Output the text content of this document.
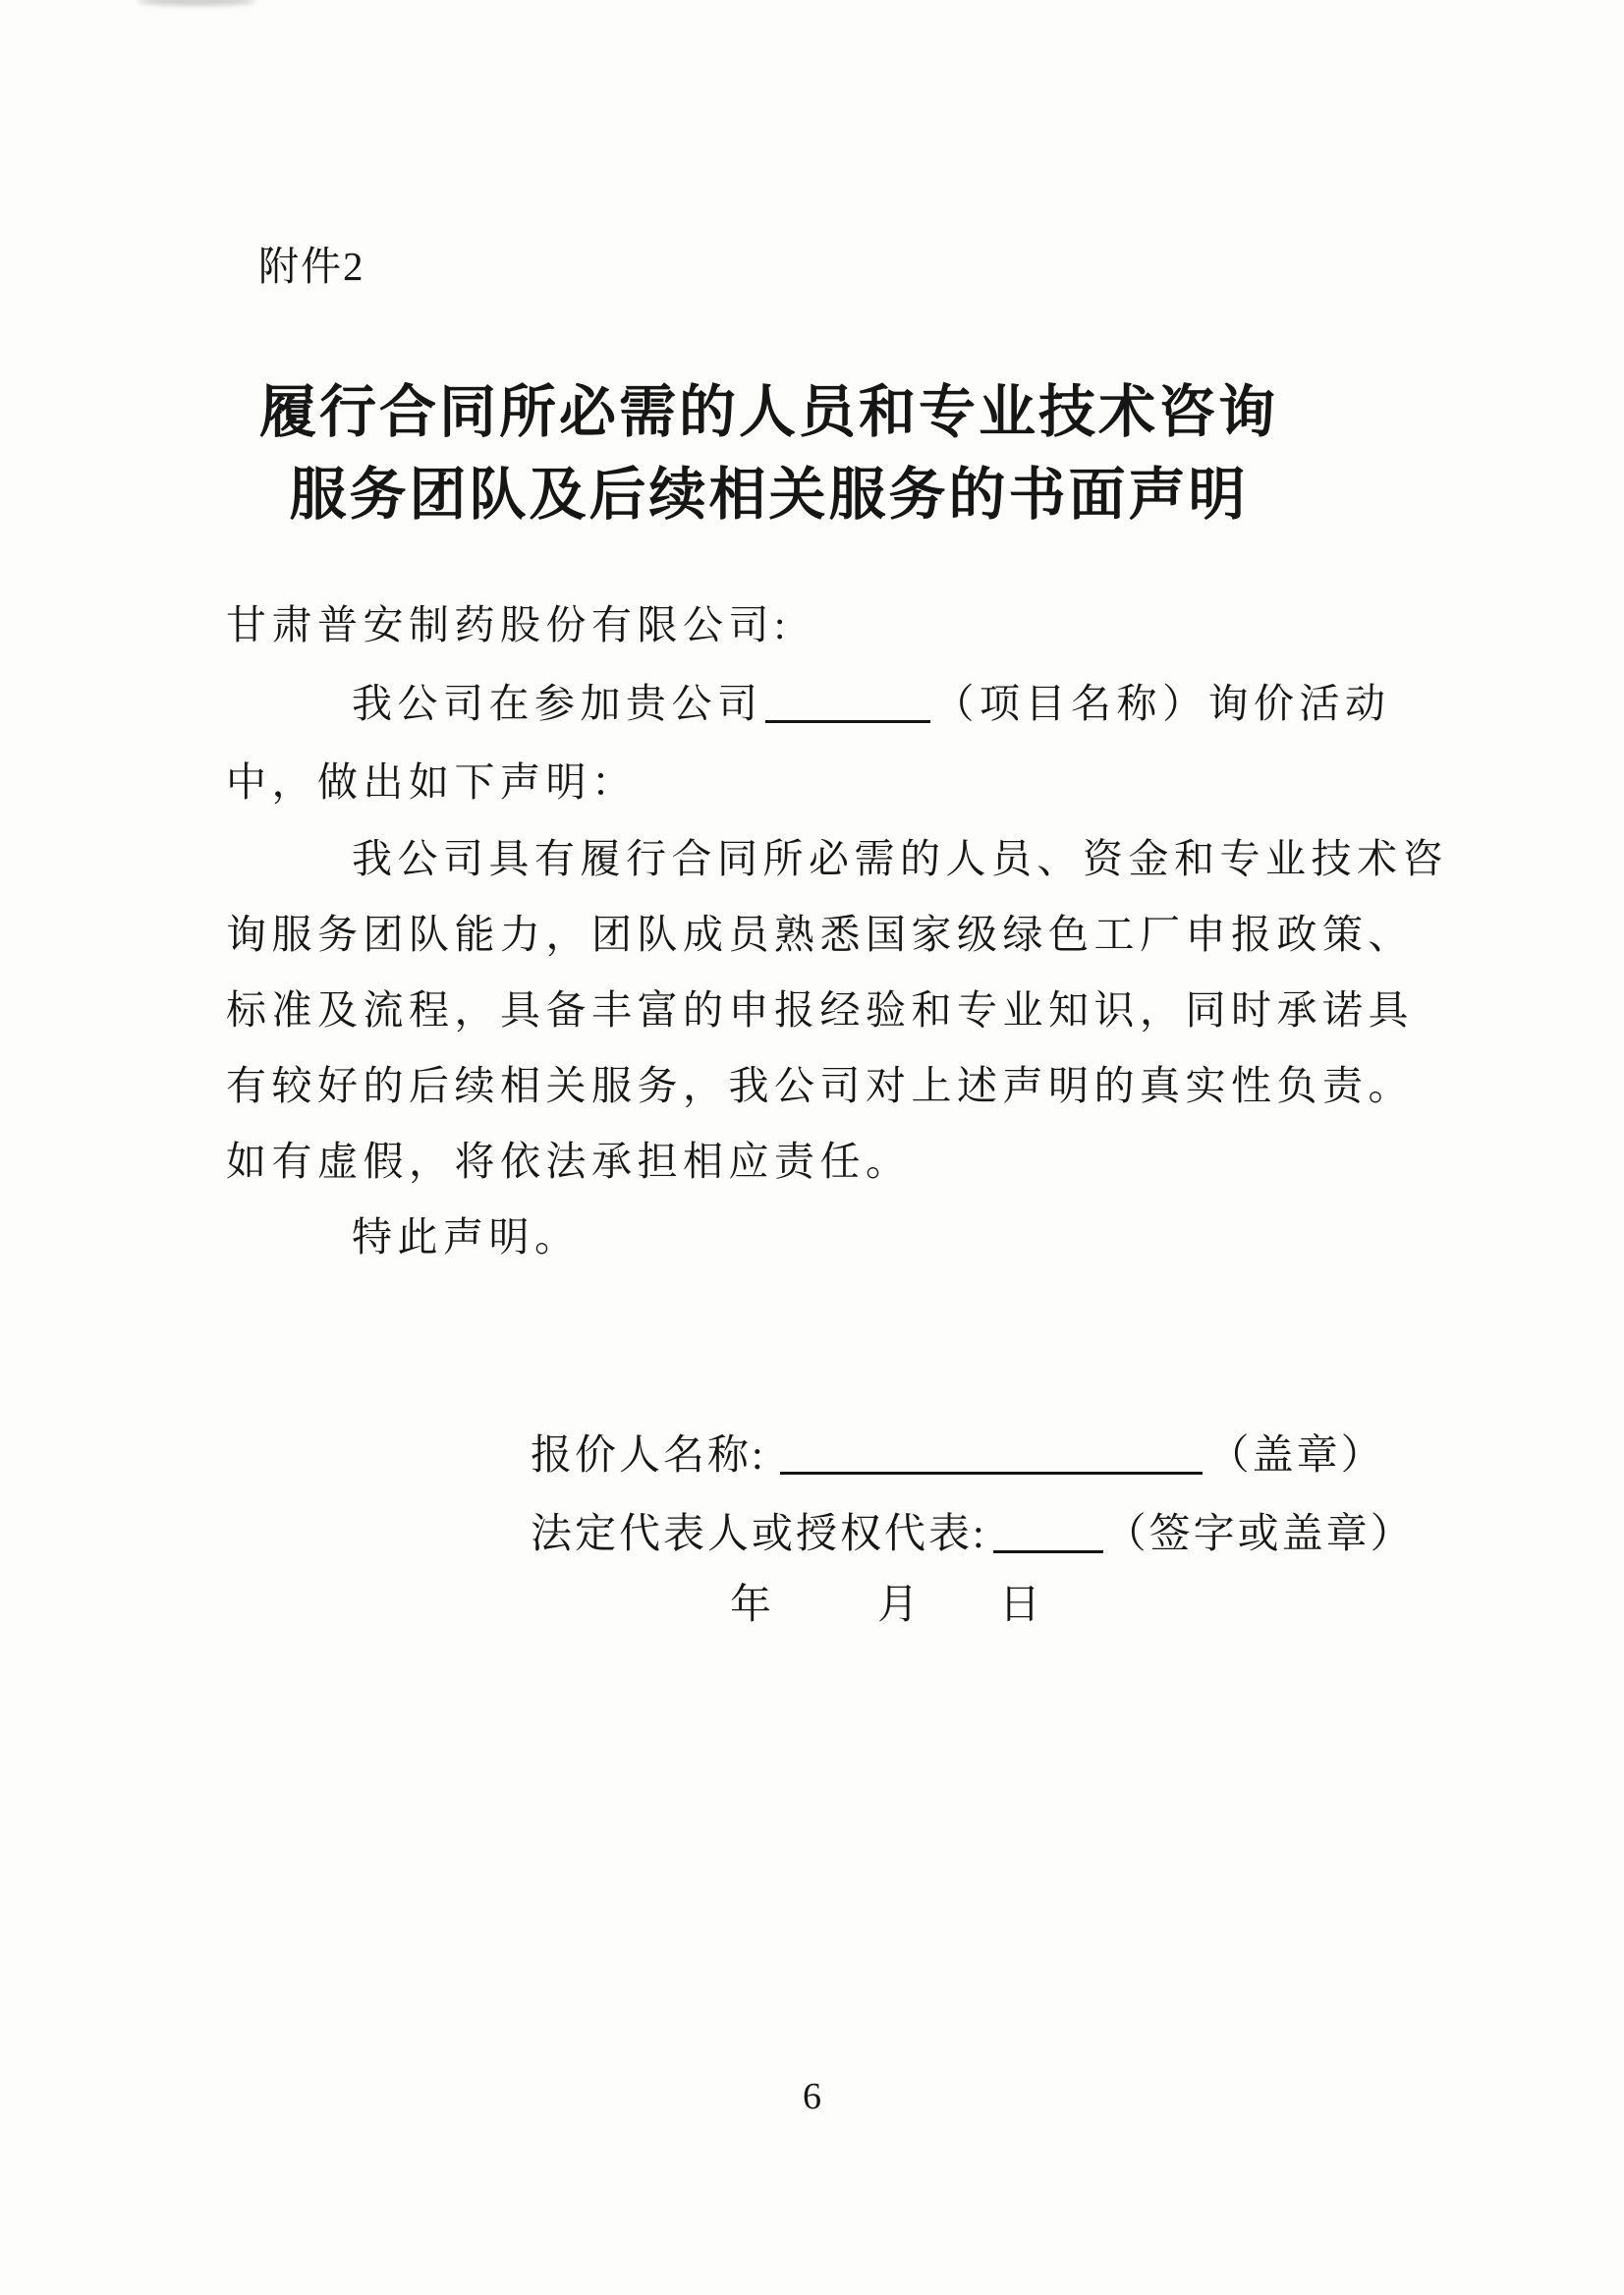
附件2
履行合同所必需的人员和专业技术咨询
服务团队及后续相关服务的书面声明
甘肃普安制药股份有限公司:
我公司在参加贵公司	（项目名称）询价活动
中，做出如下声明：
我公司具有履行合同所必需的人员、资金和专业技术咨
询服务团队能力，团队成员熟悉国家级绿色工厂申报政策、
标准及流程，具备丰富的申报经验和专业知识，同时承诺具
有较好的后续相关服务，我公司对上述声明的真实性负责。
如有虚假，将依法承担相应责任。
特此声明。
报价人名称:	（盖章）
法定代表人或授权代表:	（签字或盖章）
年	月 日
6
